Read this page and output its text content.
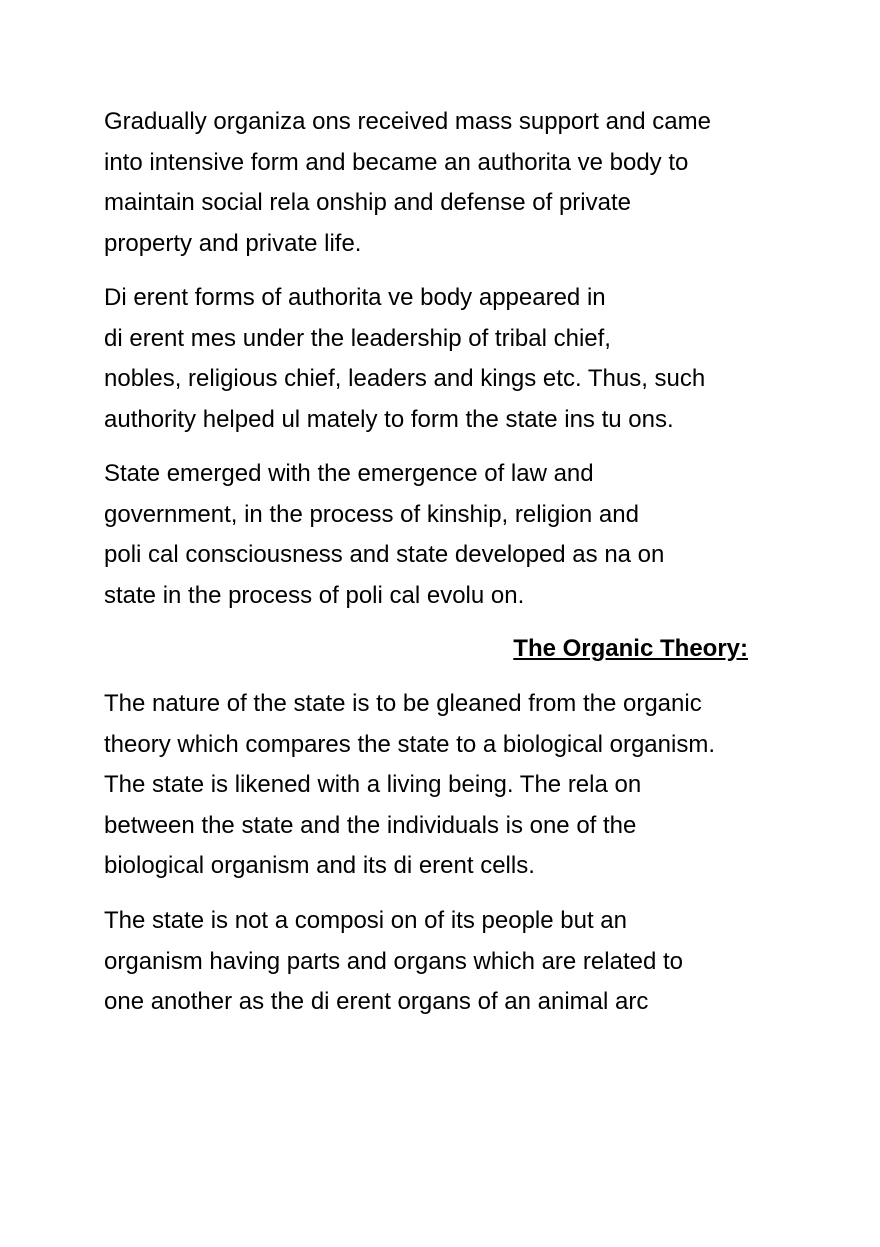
Gradually organiza ons received mass support and came
into intensive form and became an authorita ve body to
maintain social rela onship and defense of private
property and private life.

Di erent forms of authorita ve body appeared in
di erent mes under the leadership of tribal chief,
nobles, religious chief, leaders and kings etc. Thus, such
authority helped ul mately to form the state ins tu ons.

State emerged with the emergence of law and
government, in the process of kinship, religion and
poli cal consciousness and state developed as na on
state in the process of poli cal evolu on.

The Organic Theory:

The nature of the state is to be gleaned from the organic
theory which compares the state to a biological organism.
The state is likened with a living being. The rela on
between the state and the individuals is one of the
biological organism and its di erent cells.

The state is not a composi on of its people but an
organism having parts and organs which are related to
one another as the di erent organs of an animal arc
